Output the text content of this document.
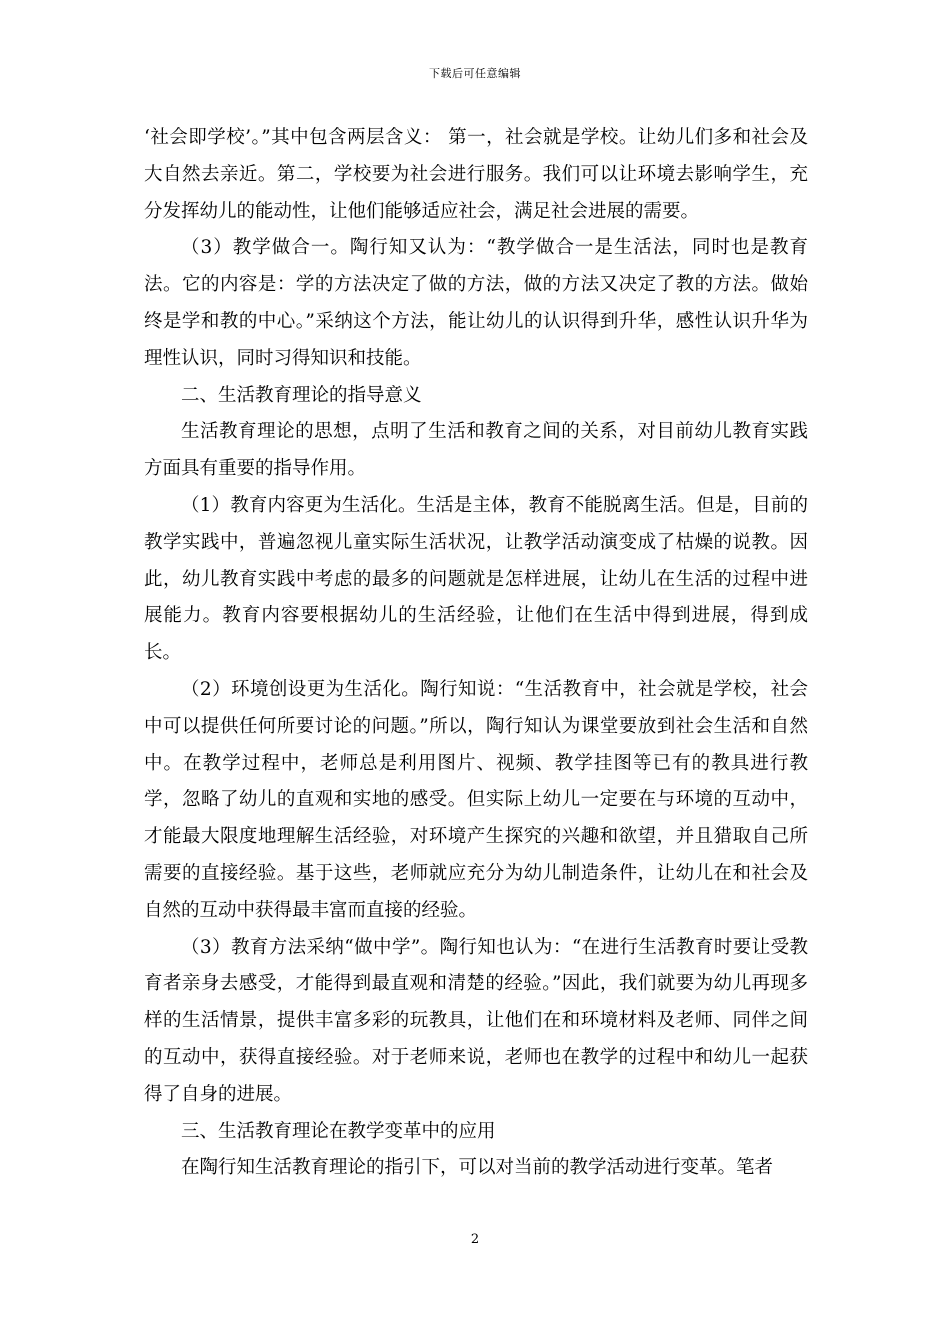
下载后可任意编辑

‘社会即学校’。”其中包含两层含义： 第一，社会就是学校。让幼儿们多和社会及大自然去亲近。第二，学校要为社会进行服务。我们可以让环境去影响学生，充分发挥幼儿的能动性，让他们能够适应社会，满足社会进展的需要。

（3）教学做合一。陶行知又认为：“教学做合一是生活法，同时也是教育法。它的内容是：学的方法决定了做的方法，做的方法又决定了教的方法。做始终是学和教的中心。”采纳这个方法，能让幼儿的认识得到升华，感性认识升华为理性认识，同时习得知识和技能。

二、生活教育理论的指导意义

生活教育理论的思想，点明了生活和教育之间的关系，对目前幼儿教育实践方面具有重要的指导作用。

（1）教育内容更为生活化。生活是主体，教育不能脱离生活。但是，目前的教学实践中，普遍忽视儿童实际生活状况，让教学活动演变成了枯燥的说教。因此，幼儿教育实践中考虑的最多的问题就是怎样进展，让幼儿在生活的过程中进展能力。教育内容要根据幼儿的生活经验，让他们在生活中得到进展，得到成长。

（2）环境创设更为生活化。陶行知说：“生活教育中，社会就是学校，社会中可以提供任何所要讨论的问题。”所以，陶行知认为课堂要放到社会生活和自然中。在教学过程中，老师总是利用图片、视频、教学挂图等已有的教具进行教学，忽略了幼儿的直观和实地的感受。但实际上幼儿一定要在与环境的互动中，才能最大限度地理解生活经验，对环境产生探究的兴趣和欲望，并且猎取自己所需要的直接经验。基于这些，老师就应充分为幼儿制造条件，让幼儿在和社会及自然的互动中获得最丰富而直接的经验。

（3）教育方法采纳“做中学”。陶行知也认为：“在进行生活教育时要让受教育者亲身去感受，才能得到最直观和清楚的经验。”因此，我们就要为幼儿再现多样的生活情景，提供丰富多彩的玩教具，让他们在和环境材料及老师、同伴之间的互动中，获得直接经验。对于老师来说，老师也在教学的过程中和幼儿一起获得了自身的进展。

三、生活教育理论在教学变革中的应用

在陶行知生活教育理论的指引下，可以对当前的教学活动进行变革。笔者

2
